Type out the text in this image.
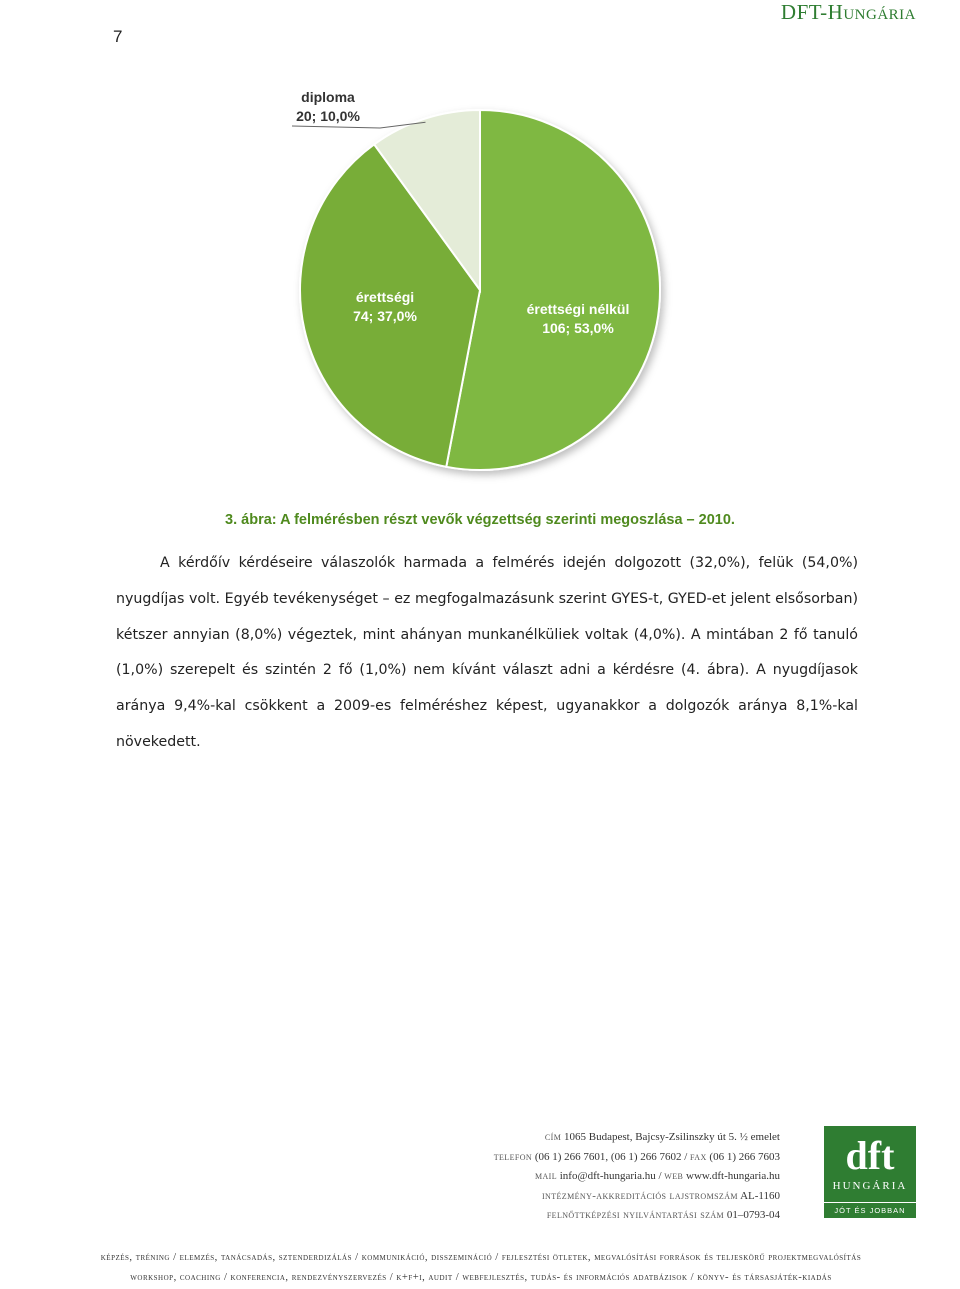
7
DFT-Hungária
érettségi nélkül
106; 53,0%
érettségi
74; 37,0%
diploma
20; 10,0%
3. ábra: A felmérésben részt vevők végzettség szerinti megoszlása – 2010.

A kérdőív kérdéseire válaszolók harmada a felmérés idején dolgozott (32,0%), felük (54,0%) nyugdíjas volt. Egyéb tevékenységet – ez megfogalmazásunk szerint GYES-t, GYED-et jelent elsősorban) kétszer annyian (8,0%) végeztek, mint ahányan munkanélküliek voltak (4,0%). A mintában 2 fő tanuló (1,0%) szerepelt és szintén 2 fő (1,0%) nem kívánt választ adni a kérdésre (4. ábra). A nyugdíjasok aránya 9,4%-kal csökkent a 2009-es felméréshez képest, ugyanakkor a dolgozók aránya 8,1%-kal növekedett.

cím 1065 Budapest, Bajcsy-Zsilinszky út 5. ½ emelet
telefon (06 1) 266 7601, (06 1) 266 7602 / fax (06 1) 266 7603
mail info@dft-hungaria.hu / web www.dft-hungaria.hu
intézmény-akkreditációs lajstromszám AL-1160
felnőttképzési nyilvántartási szám 01–0793-04
dft
HUNGÁRIA
JÓT ÉS JOBBAN
képzés, tréning / elemzés, tanácsadás, sztenderdizálás / kommunikáció, disszemináció / fejlesztési ötletek, megvalósítási források és teljeskörű projektmegvalósítás
workshop, coaching / konferencia, rendezvényszervezés / k+f+i, audit / webfejlesztés, tudás- és információs adatbázisok / könyv- és társasjáték-kiadás
